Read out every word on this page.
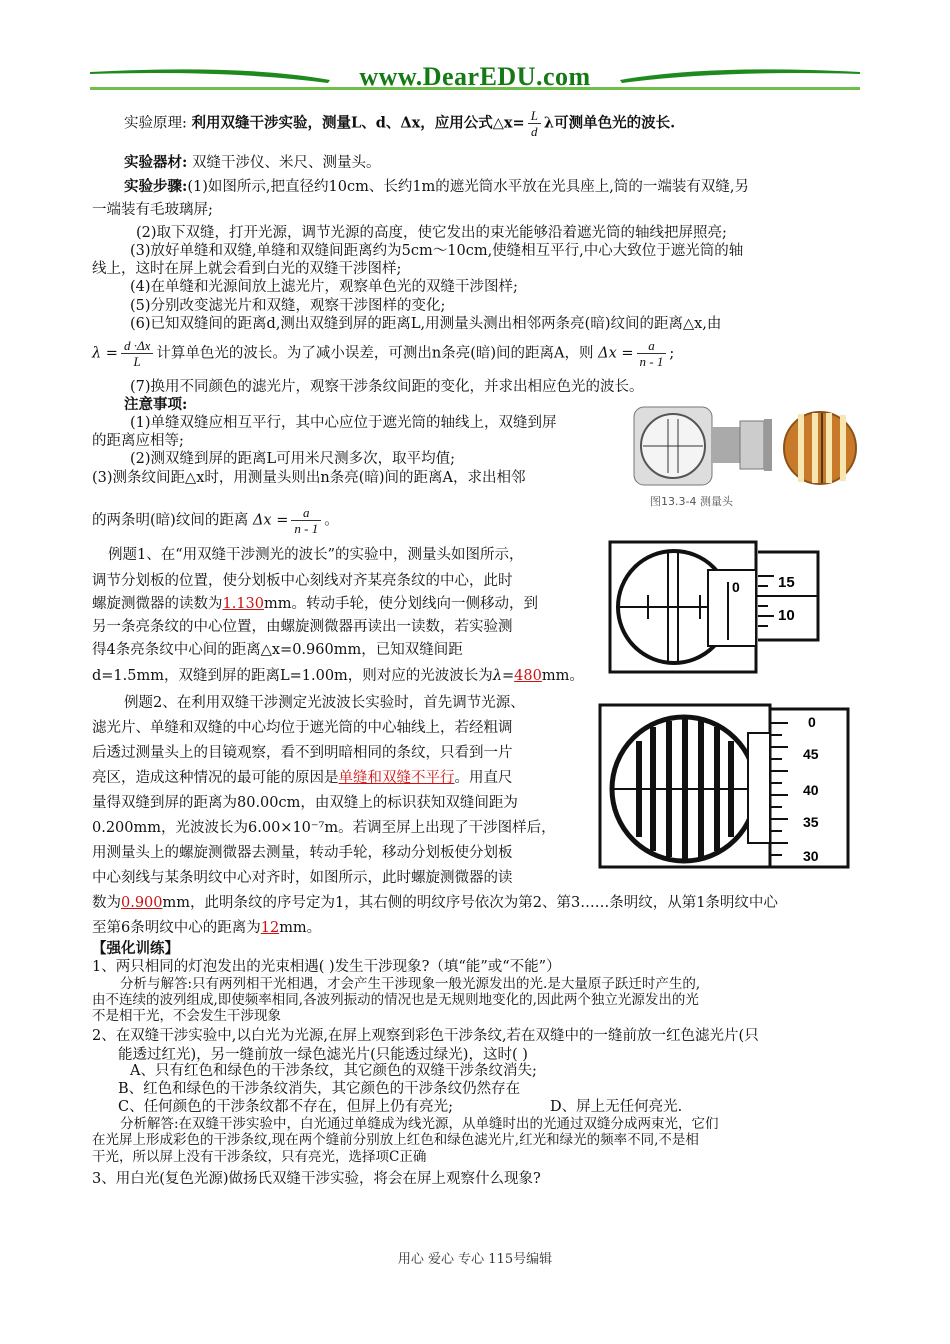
www.DearEDU.com
实验原理: 利用双缝干涉实验，测量L、d、Δx，应用公式△x= $\frac{L}{d}$ λ可测单色光的波长.
实验器材: 双缝干涉仪、米尺、测量头。
实验步骤:(1)如图所示,把直径约10cm、长约1m的遮光筒水平放在光具座上,筒的一端装有双缝,另
一端装有毛玻璃屏;
(2)取下双缝，打开光源，调节光源的高度，使它发出的束光能够沿着遮光筒的轴线把屏照亮;
(3)放好单缝和双缝,单缝和双缝间距离约为5cm～10cm,使缝相互平行,中心大致位于遮光筒的轴
线上，这时在屏上就会看到白光的双缝干涉图样;
(4)在单缝和光源间放上滤光片，观察单色光的双缝干涉图样;
(5)分别改变滤光片和双缝，观察干涉图样的变化;
(6)已知双缝间的距离d,测出双缝到屏的距离L,用测量头测出相邻两条亮(暗)纹间的距离△x,由
$\lambda = \frac{d \cdot\Delta x}{L}$ 计算单色光的波长。为了减小误差，可测出n条亮(暗)间的距离A，则 $\Delta x = \frac{a}{n - 1}$ ;
(7)换用不同颜色的滤光片，观察干涉条纹间距的变化，并求出相应色光的波长。
注意事项:
(1)单缝双缝应相互平行，其中心应位于遮光筒的轴线上，双缝到屏
的距离应相等;
(2)测双缝到屏的距离L可用米尺测多次，取平均值;
(3)测条纹间距△x时，用测量头则出n条亮(暗)间的距离A，求出相邻
的两条明(暗)纹间的距离 $\Delta x = \frac{a}{n - 1}$ 。
图13.3-4 测量头
例题1、在“用双缝干涉测光的波长”的实验中，测量头如图所示，
调节分划板的位置，使分划板中心刻线对齐某亮条纹的中心，此时
螺旋测微器的读数为1.130mm。转动手轮，使分划线向一侧移动，到
另一条亮条纹的中心位置，由螺旋测微器再读出一读数，若实验测
得4条亮条纹中心间的距离△x=0.960mm，已知双缝间距
d=1.5mm，双缝到屏的距离L=1.00m，则对应的光波波长为λ=480mm。
15
0
10
例题2、在利用双缝干涉测定光波波长实验时，首先调节光源、
滤光片、单缝和双缝的中心均位于遮光筒的中心轴线上，若经粗调
后透过测量头上的目镜观察，看不到明暗相同的条纹，只看到一片
亮区，造成这种情况的最可能的原因是单缝和双缝不平行。用直尺
量得双缝到屏的距离为80.00cm，由双缝上的标识获知双缝间距为
0.200mm，光波波长为6.00×10⁻⁷m。若调至屏上出现了干涉图样后，
用测量头上的螺旋测微器去测量，转动手轮，移动分划板使分划板
中心刻线与某条明纹中心对齐时，如图所示，此时螺旋测微器的读
数为0.900mm，此明条纹的序号定为1，其右侧的明纹序号依次为第2、第3……条明纹，从第1条明纹中心
至第6条明纹中心的距离为12mm。
0
45
40
35
30
【强化训练】
1、两只相同的灯泡发出的光束相遇( )发生干涉现象?（填“能”或“不能”）
分析与解答:只有两列相干光相遇，才会产生干涉现象一般光源发出的光.是大量原子跃迁时产生的,
由不连续的波列组成,即使频率相同,各波列振动的情况也是无规则地变化的,因此两个独立光源发出的光
不是相干光，不会发生干涉现象
2、在双缝干涉实验中,以白光为光源,在屏上观察到彩色干涉条纹,若在双缝中的一缝前放一红色滤光片(只
能透过红光)，另一缝前放一绿色滤光片(只能透过绿光)，这时( )
A、只有红色和绿色的干涉条纹，其它颜色的双缝干涉条纹消失;
B、红色和绿色的干涉条纹消失，其它颜色的干涉条纹仍然存在
C、任何颜色的干涉条纹都不存在，但屏上仍有亮光;	D、屏上无任何亮光.
分析解答:在双缝干涉实验中，白光通过单缝成为线光源，从单缝时出的光通过双缝分成两束光，它们
在光屏上形成彩色的干涉条纹,现在两个缝前分别放上红色和绿色滤光片,红光和绿光的频率不同,不是相
干光，所以屏上没有干涉条纹，只有亮光，选择项C正确
3、用白光(复色光源)做扬氏双缝干涉实验，将会在屏上观察什么现象?
用心 爱心 专心 115号编辑
